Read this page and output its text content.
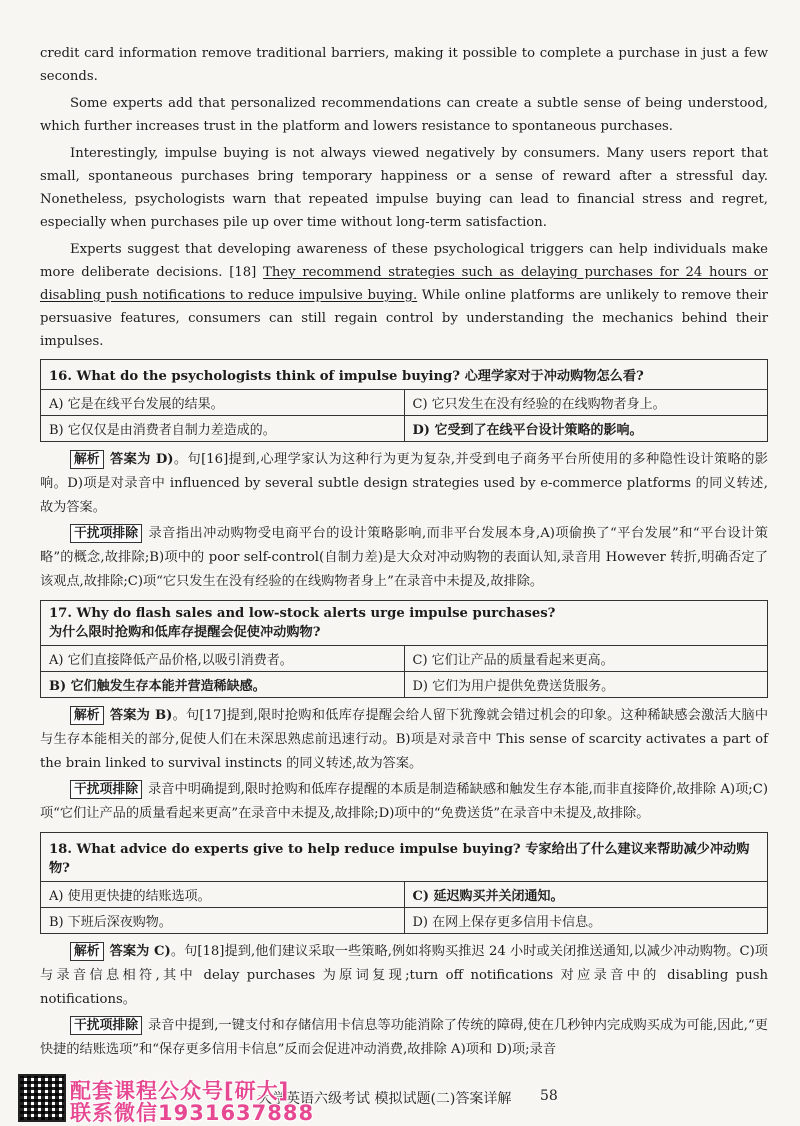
credit card information remove traditional barriers, making it possible to complete a purchase in just a few seconds.

Some experts add that personalized recommendations can create a subtle sense of being understood, which further increases trust in the platform and lowers resistance to spontaneous purchases.

Interestingly, impulse buying is not always viewed negatively by consumers. Many users report that small, spontaneous purchases bring temporary happiness or a sense of reward after a stressful day. Nonetheless, psychologists warn that repeated impulse buying can lead to financial stress and regret, especially when purchases pile up over time without long-term satisfaction.

Experts suggest that developing awareness of these psychological triggers can help individuals make more deliberate decisions. [18] They recommend strategies such as delaying purchases for 24 hours or disabling push notifications to reduce impulsive buying. While online platforms are unlikely to remove their persuasive features, consumers can still regain control by understanding the mechanics behind their impulses.

16. What do the psychologists think of impulse buying? 心理学家对于冲动购物怎么看?	
A) 它是在线平台发展的结果。	C) 它只发生在没有经验的在线购物者身上。
B) 它仅仅是由消费者自制力差造成的。	D) 它受到了在线平台设计策略的影响。

解析 答案为 D)。句[16]提到,心理学家认为这种行为更为复杂,并受到电子商务平台所使用的多种隐性设计策略的影响。D)项是对录音中 influenced by several subtle design strategies used by e-commerce platforms 的同义转述,故为答案。

干扰项排除 录音指出冲动购物受电商平台的设计策略影响,而非平台发展本身,A)项偷换了“平台发展”和“平台设计策略”的概念,故排除;B)项中的 poor self-control(自制力差)是大众对冲动购物的表面认知,录音用 However 转折,明确否定了该观点,故排除;C)项“它只发生在没有经验的在线购物者身上”在录音中未提及,故排除。

17. Why do flash sales and low-stock alerts urge impulse purchases?
为什么限时抢购和低库存提醒会促使冲动购物?	

A) 它们直接降低产品价格,以吸引消费者。	C) 它们让产品的质量看起来更高。
B) 它们触发生存本能并营造稀缺感。	D) 它们为用户提供免费送货服务。

解析 答案为 B)。句[17]提到,限时抢购和低库存提醒会给人留下犹豫就会错过机会的印象。这种稀缺感会激活大脑中与生存本能相关的部分,促使人们在未深思熟虑前迅速行动。B)项是对录音中 This sense of scarcity activates a part of the brain linked to survival instincts 的同义转述,故为答案。

干扰项排除 录音中明确提到,限时抢购和低库存提醒的本质是制造稀缺感和触发生存本能,而非直接降价,故排除 A)项;C)项“它们让产品的质量看起来更高”在录音中未提及,故排除;D)项中的“免费送货”在录音中未提及,故排除。

18. What advice do experts give to help reduce impulse buying? 专家给出了什么建议来帮助减少冲动购物?	
A) 使用更快捷的结账选项。	C) 延迟购买并关闭通知。
B) 下班后深夜购物。	D) 在网上保存更多信用卡信息。

解析 答案为 C)。句[18]提到,他们建议采取一些策略,例如将购买推迟 24 小时或关闭推送通知,以减少冲动购物。C)项与录音信息相符,其中 delay purchases 为原词复现;turn off notifications 对应录音中的 disabling push notifications。

干扰项排除 录音中提到,一键支付和存储信用卡信息等功能消除了传统的障碍,使在几秒钟内完成购买成为可能,因此,“更快捷的结账选项”和“保存更多信用卡信息”反而会促进冲动消费,故排除 A)项和 D)项;录音

大学英语六级考试 模拟试题(二)答案详解 58
配套课程公众号[研大]
联系微信1931637888
